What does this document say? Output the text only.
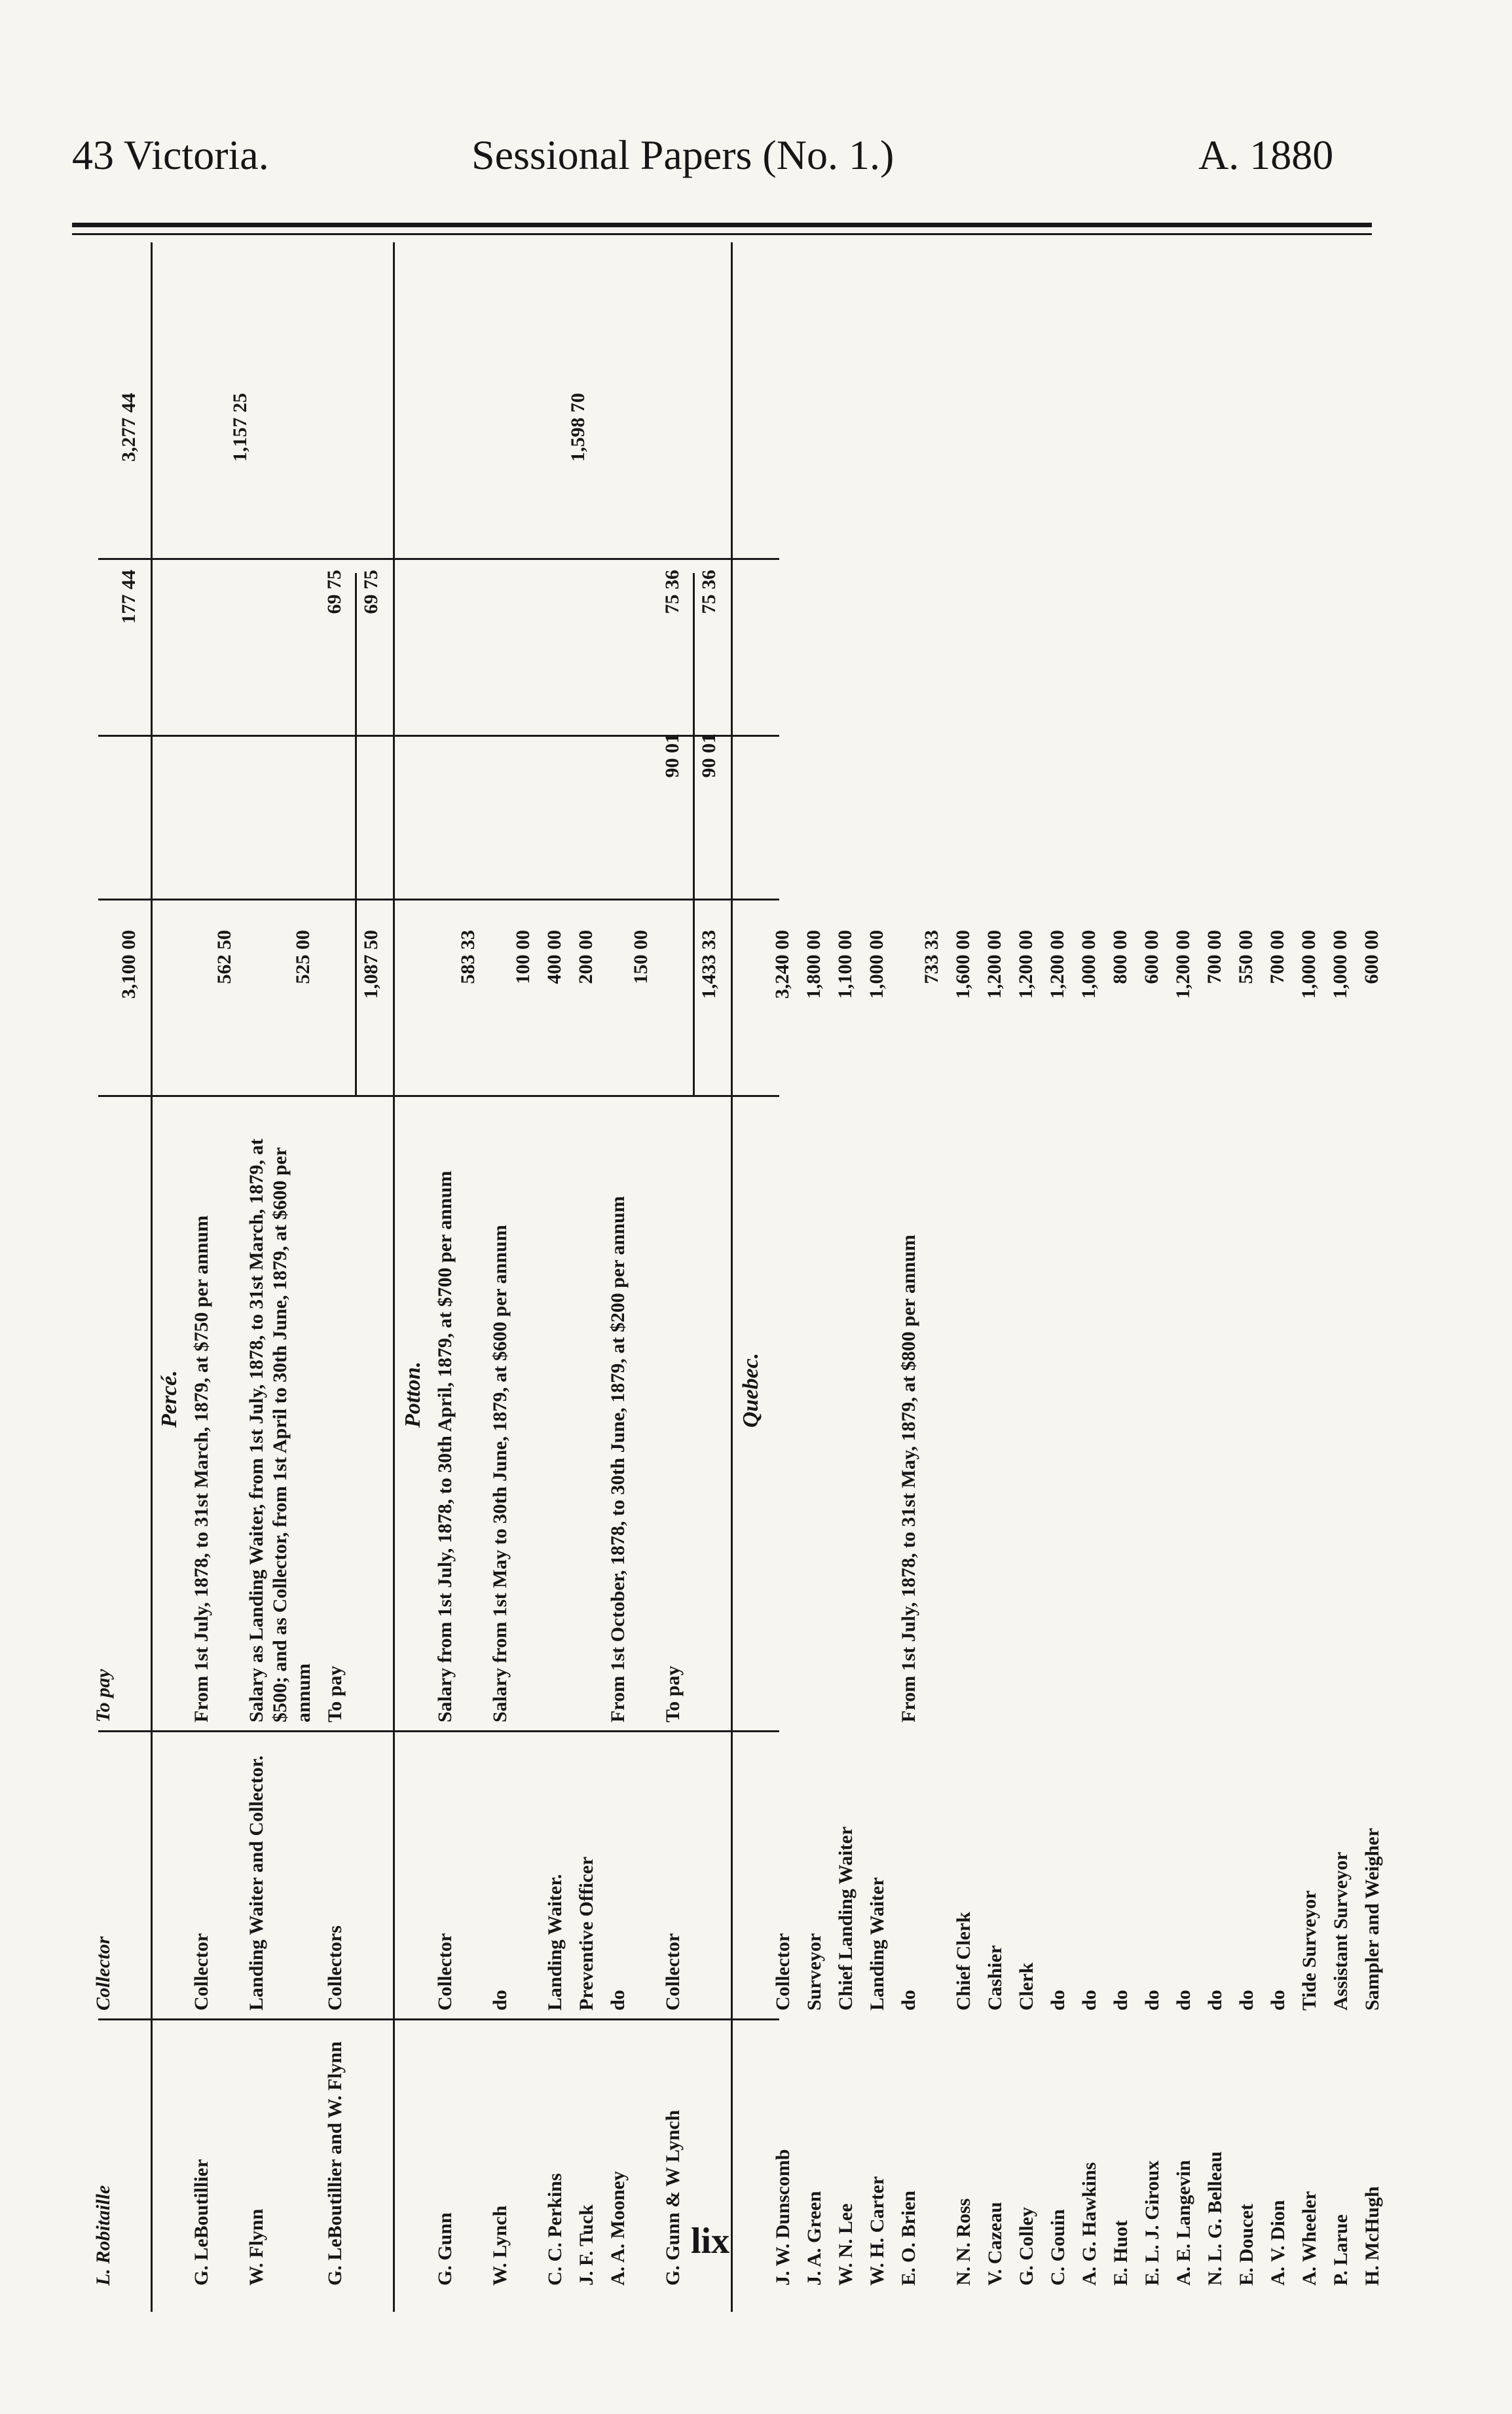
43 Victoria.	Sessional Papers (No. 1.)	A. 1880
L. Robitaille
Collector
To pay
3,100 00
177 44
3,277 44
Percé.
G. LeBoutillier
Collector
From 1st July, 1878, to 31st March, 1879, at $750 per annum
562 50
W. Flynn
Landing Waiter and Collector.
Salary as Landing Waiter, from 1st July, 1878, to 31st March, 1879, at $500; and as Collector, from 1st April to 30th June, 1879, at $600 per annum
525 00
G. LeBoutillier and W. Flynn
Collectors
To pay
69 75
1,087 50
69 75
1,157 25
Potton.
G. Gunn
Collector
Salary from 1st July, 1878, to 30th April, 1879, at $700 per annum
583 33
W. Lynch
do
Salary from 1st May to 30th June, 1879, at $600 per annum
100 00
C. C. Perkins
Landing Waiter.
400 00
J. F. Tuck
Preventive Officer
200 00
A. A. Mooney
do
From 1st October, 1878, to 30th June, 1879, at $200 per annum
150 00
G. Gunn & W Lynch
Collector
To pay
90 01
75 36
1,433 33
90 01
75 36
1,598 70
Quebec.
J. W. Dunscomb
Collector
3,240 00
J. A. Green
Surveyor
1,800 00
W. N. Lee
Chief Landing Waiter
1,100 00
W. H. Carter
Landing Waiter
1,000 00
E. O. Brien
do
From 1st July, 1878, to 31st May, 1879, at $800 per annum
733 33
N. N. Ross
Chief Clerk
1,600 00
V. Cazeau
Cashier
1,200 00
G. Colley
Clerk
1,200 00
C. Gouin
do
1,200 00
A. G. Hawkins
do
1,000 00
E. Huot
do
800 00
E. L. J. Giroux
do
600 00
A. E. Langevin
do
1,200 00
N. L. G. Belleau
do
700 00
E. Doucet
do
550 00
A. V. Dion
do
700 00
A. Wheeler
Tide Surveyor
1,000 00
P. Larue
Assistant Surveyor
1,000 00
H. McHugh
Sampler and Weigher
600 00
lix
